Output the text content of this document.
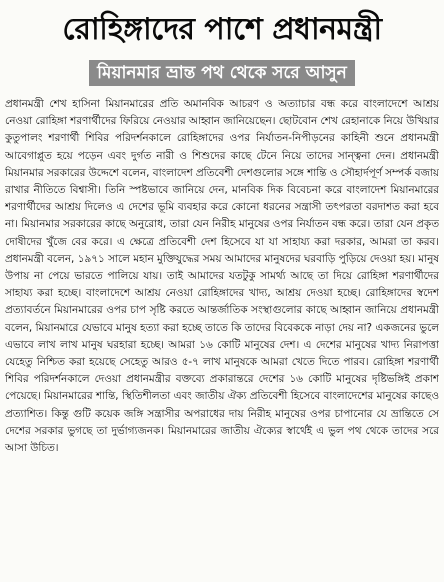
রোহিঙ্গাদের পাশে প্রধানমন্ত্রী
মিয়ানমার ভ্রান্ত পথ থেকে সরে আসুন

প্রধানমন্ত্রী শেখ হাসিনা মিয়ানমারের প্রতি অমানবিক আচরণ ও অত্যাচার বন্ধ করে বাংলাদেশে আশ্রয় নেওয়া রোহিঙ্গা শরণার্থীদের ফিরিয়ে নেওয়ার আহ্বান জানিয়েছেন। ছোটবোন শেখ রেহানাকে নিয়ে উখিয়ার কুতুপালং শরণার্থী শিবির পরিদর্শনকালে রোহিঙ্গাদের ওপর নির্যাতন-নিপীড়নের কাহিনী শুনে প্রধানমন্ত্রী আবেগাপ্লুত হয়ে পড়েন এবং দুর্গত নারী ও শিশুদের কাছে টেনে নিয়ে তাদের সান্ত্বনা দেন। প্রধানমন্ত্রী মিয়ানমার সরকারের উদ্দেশে বলেন, বাংলাদেশ প্রতিবেশী দেশগুলোর সঙ্গে শান্তি ও সৌহার্দপূর্ণ সম্পর্ক বজায় রাখার নীতিতে বিশ্বাসী। তিনি স্পষ্টভাবে জানিয়ে দেন, মানবিক দিক বিবেচনা করে বাংলাদেশ মিয়ানমারের শরণার্থীদের আশ্রয় দিলেও এ দেশের ভূমি ব্যবহার করে কোনো ধরনের সন্ত্রাসী তৎপরতা বরদাশত করা হবে না। মিয়ানমার সরকারের কাছে অনুরোধ, তারা যেন নিরীহ মানুষের ওপর নির্যাতন বন্ধ করে। তারা যেন প্রকৃত দোষীদের খুঁজে বের করে। এ ক্ষেত্রে প্রতিবেশী দেশ হিসেবে যা যা সাহায্য করা দরকার, আমরা তা করব। প্রধানমন্ত্রী বলেন, ১৯৭১ সালে মহান মুক্তিযুদ্ধের সময় আমাদের মানুষদের ঘরবাড়ি পুড়িয়ে দেওয়া হয়। মানুষ উপায় না পেয়ে ভারতে পালিয়ে যায়। তাই আমাদের যতটুকু সামর্থ্য আছে তা দিয়ে রোহিঙ্গা শরণার্থীদের সাহায্য করা হচ্ছে। বাংলাদেশে আশ্রয় নেওয়া রোহিঙ্গাদের খাদ্য, আশ্রয় দেওয়া হচ্ছে। রোহিঙ্গাদের স্বদেশ প্রত্যাবর্তনে মিয়ানমারের ওপর চাপ সৃষ্টি করতে আন্তর্জাতিক সংস্থাগুলোর কাছে আহ্বান জানিয়ে প্রধানমন্ত্রী বলেন, মিয়ানমারে যেভাবে মানুষ হত্যা করা হচ্ছে তাতে কি তাদের বিবেককে নাড়া দেয় না? একজনের ভুলে এভাবে লাখ লাখ মানুষ ঘরহারা হচ্ছে। আমরা ১৬ কোটি মানুষের দেশ। এ দেশের মানুষের খাদ্য নিরাপত্তা যেহেতু নিশ্চিত করা হয়েছে সেহেতু আরও ৫-৭ লাখ মানুষকে আমরা খেতে দিতে পারব। রোহিঙ্গা শরণার্থী শিবির পরিদর্শনকালে দেওয়া প্রধানমন্ত্রীর বক্তব্যে প্রকারান্তরে দেশের ১৬ কোটি মানুষের দৃষ্টিভঙ্গিই প্রকাশ পেয়েছে। মিয়ানমারের শান্তি, স্থিতিশীলতা এবং জাতীয় ঐক্য প্রতিবেশী হিসেবে বাংলাদেশের মানুষের কাছেও প্রত্যাশিত। কিন্তু গুটি কয়েক জঙ্গি সন্ত্রাসীর অপরাধের দায় নিরীহ মানুষের ওপর চাপানোর যে ভ্রান্তিতে সে দেশের সরকার ভুগছে তা দুর্ভাগ্যজনক। মিয়ানমারের জাতীয় ঐক্যের স্বার্থেই এ ভুল পথ থেকে তাদের সরে আসা উচিত।
